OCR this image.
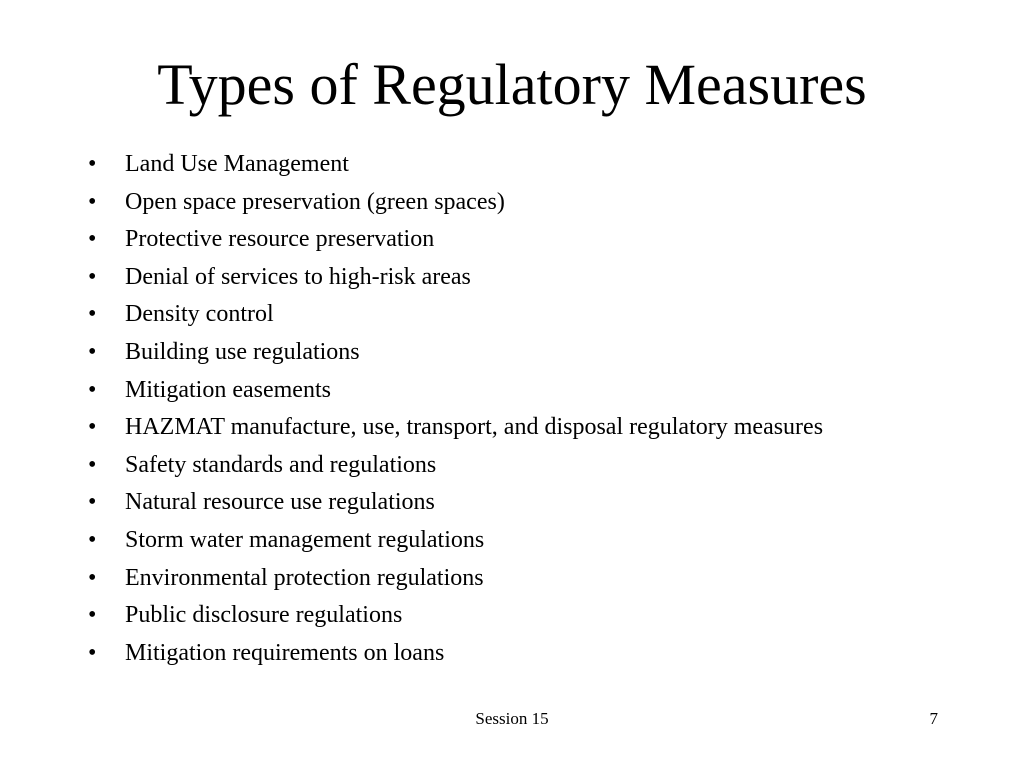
Types of Regulatory Measures
•	Land Use Management
•	Open space preservation (green spaces)
•	Protective resource preservation
•	Denial of services to high-risk areas
•	Density control
•	Building use regulations
•	Mitigation easements
•	HAZMAT manufacture, use, transport, and disposal regulatory measures
•	Safety standards and regulations
•	Natural resource use regulations
•	Storm water management regulations
•	Environmental protection regulations
•	Public disclosure regulations
•	Mitigation requirements on loans
Session 15	7
